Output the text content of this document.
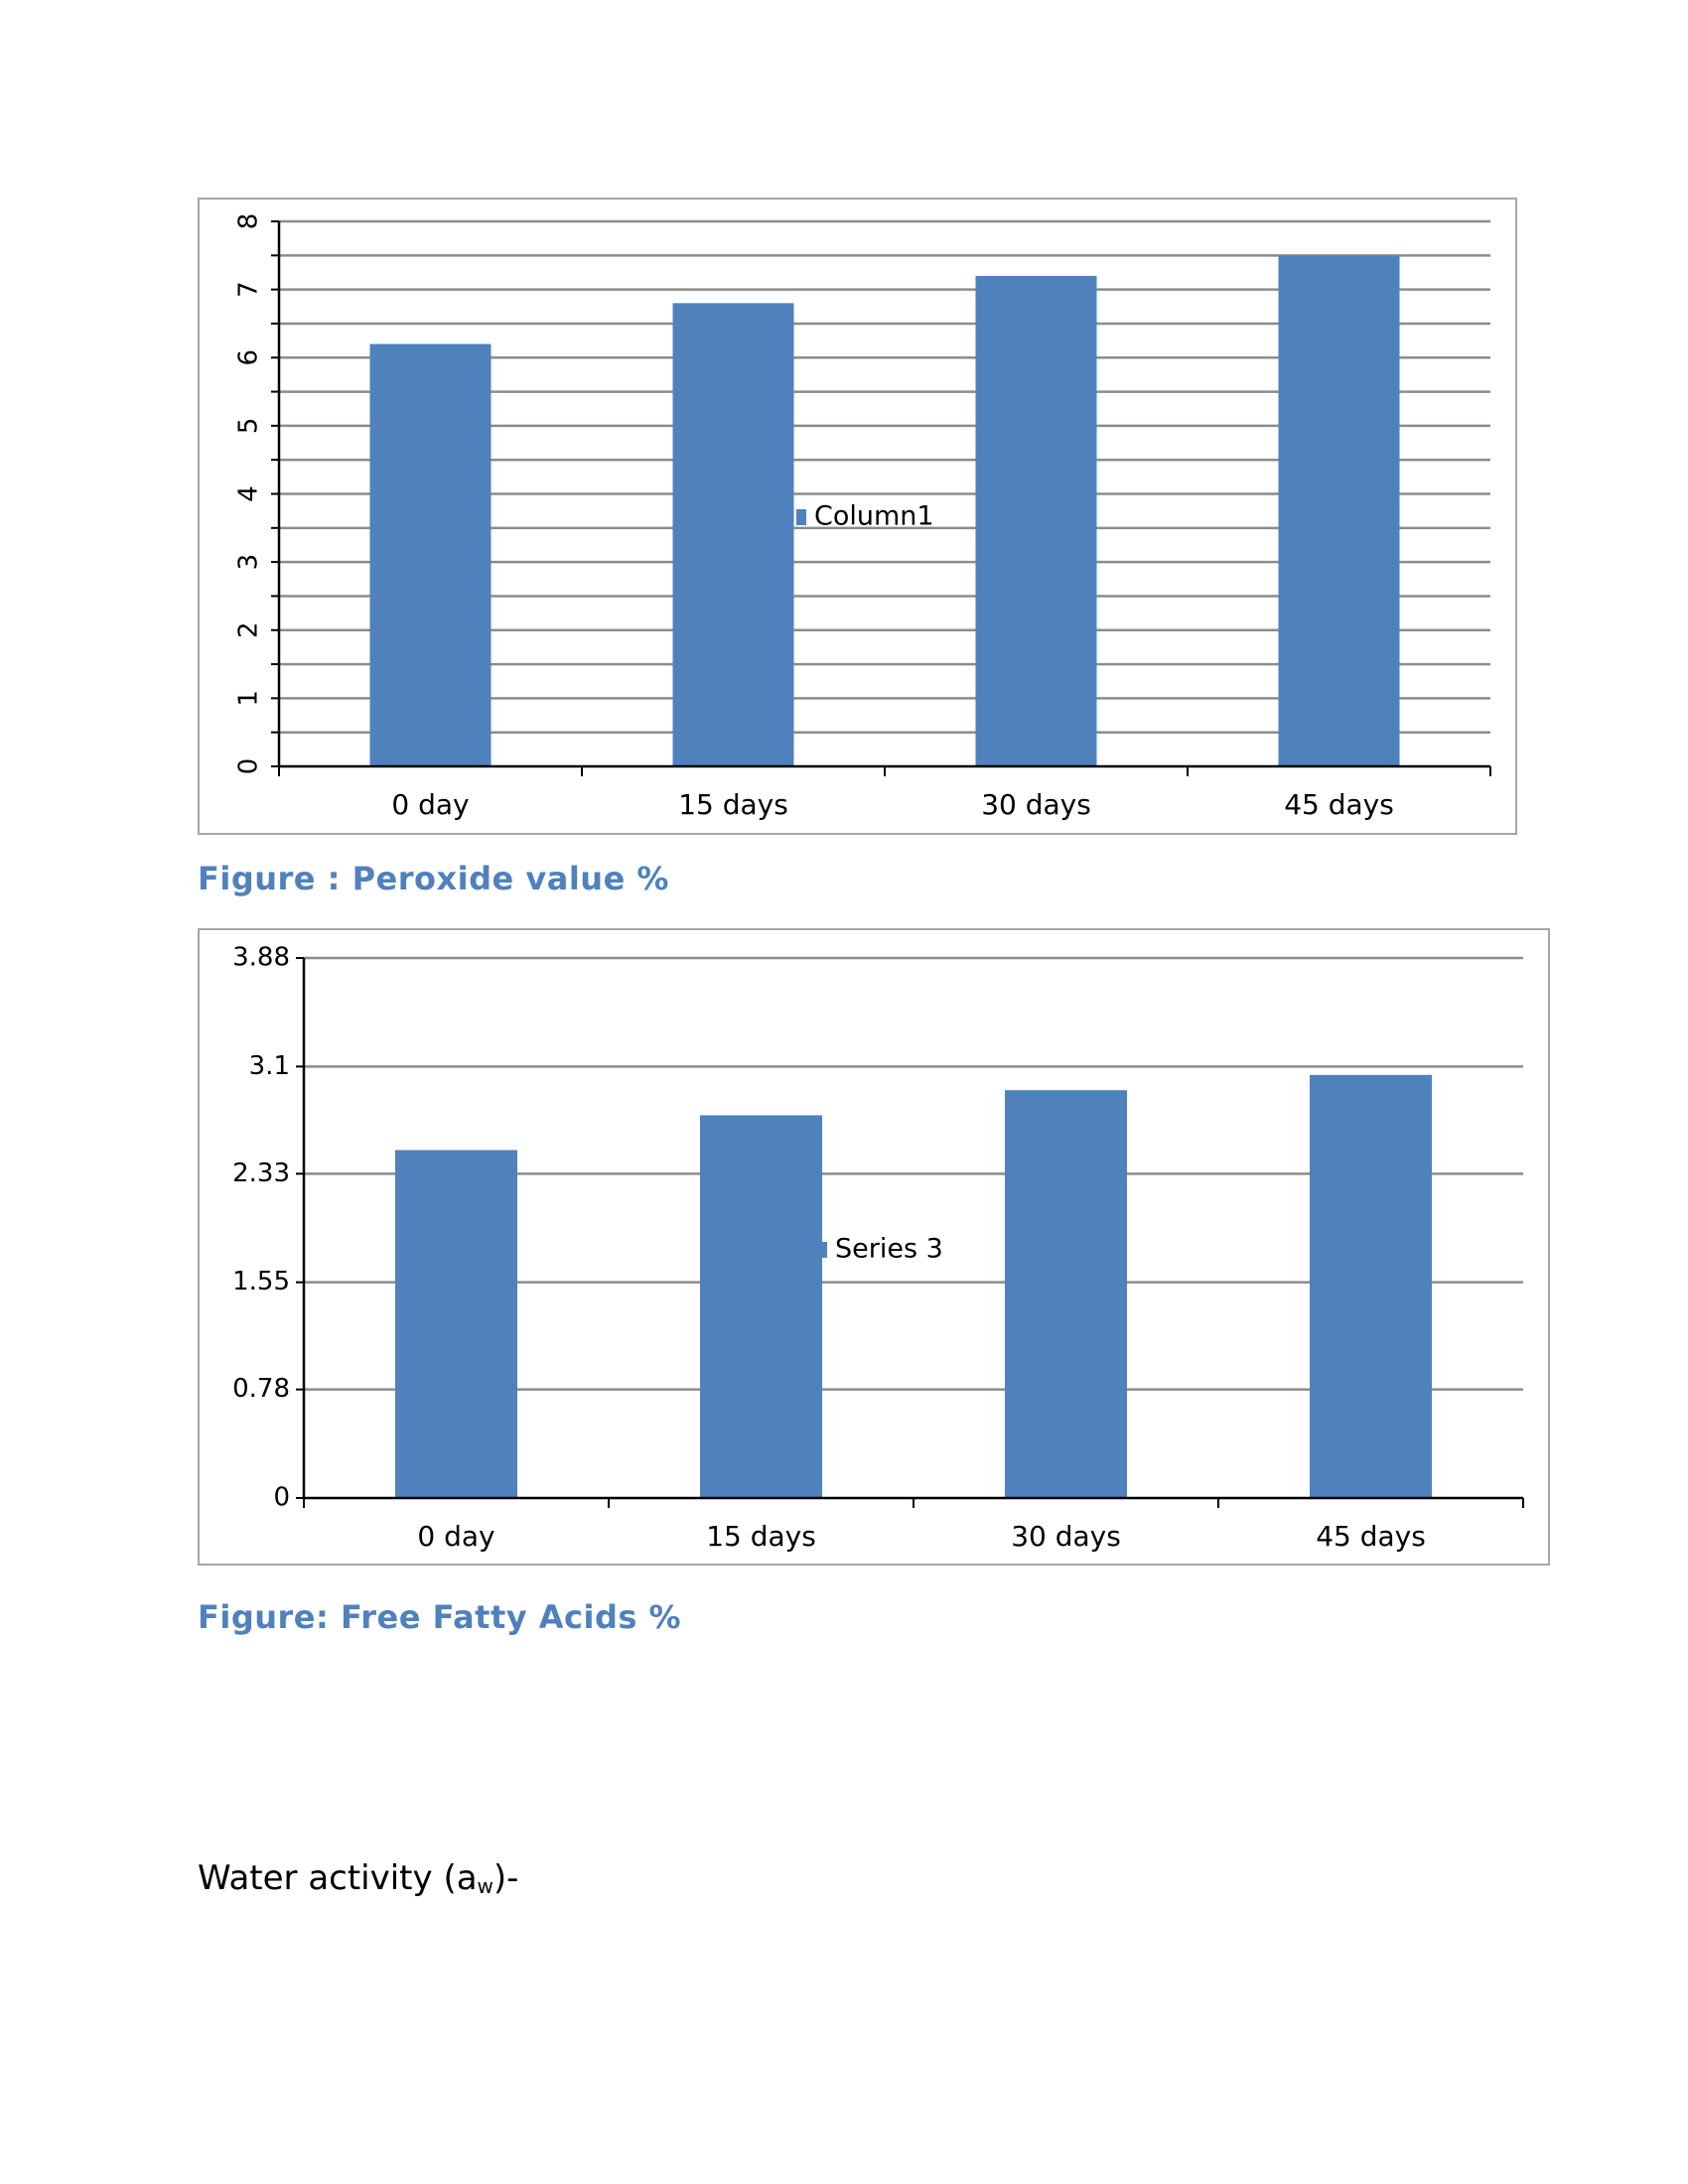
0
1
2
3
4
5
6
7
8
0 day	15 days	30 days	45 days
Column1
Figure : Peroxide value %
0
0.78
1.55
2.33
3.1
3.88
0 day	15 days	30 days	45 days
Series 3
Figure: Free Fatty Acids %
Water activity $(a_w)-$
